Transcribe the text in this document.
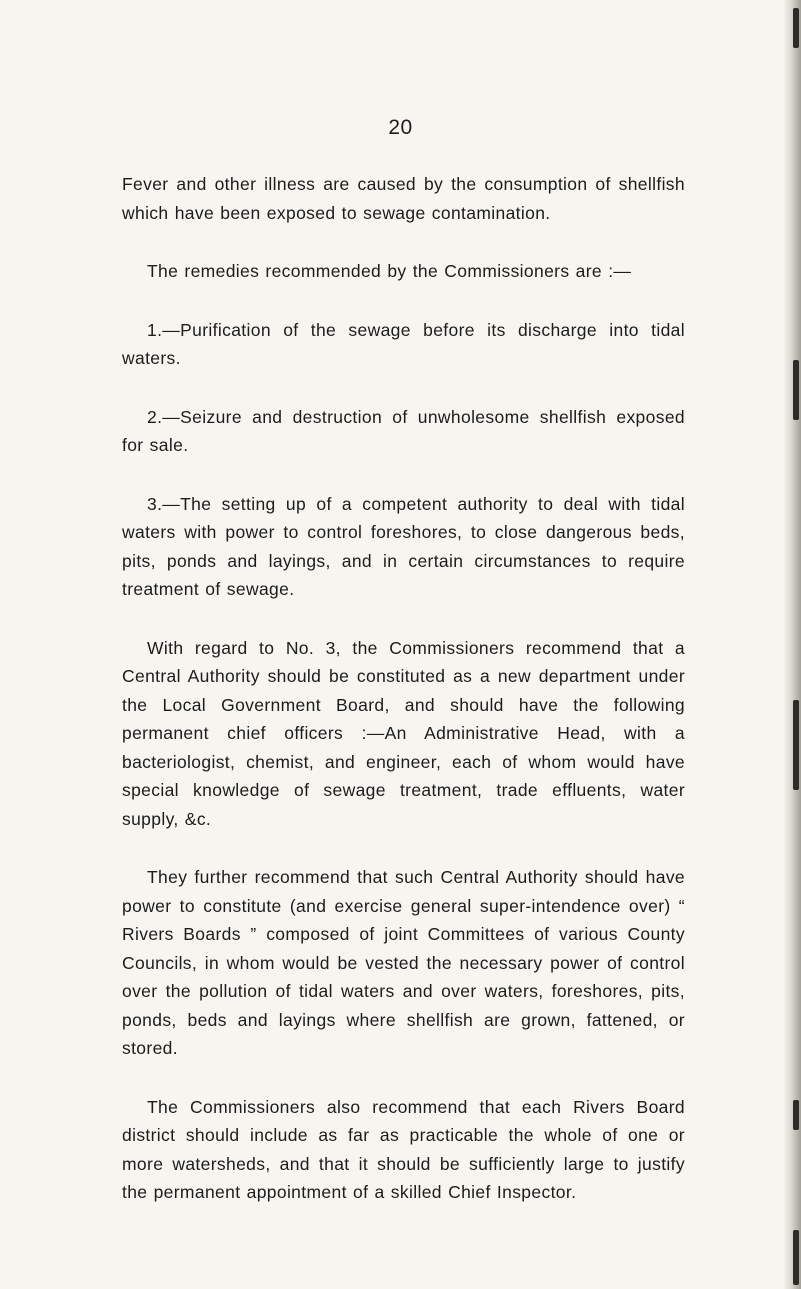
20

Fever and other illness are caused by the consumption of shellfish which have been exposed to sewage contamination.

The remedies recommended by the Commissioners are :—

1.—Purification of the sewage before its discharge into tidal waters.

2.—Seizure and destruction of unwholesome shellfish exposed for sale.

3.—The setting up of a competent authority to deal with tidal waters with power to control foreshores, to close dangerous beds, pits, ponds and layings, and in certain circumstances to require treatment of sewage.

With regard to No. 3, the Commissioners recommend that a Central Authority should be constituted as a new department under the Local Government Board, and should have the following permanent chief officers :—An Administrative Head, with a bacteriologist, chemist, and engineer, each of whom would have special knowledge of sewage treatment, trade effluents, water supply, &c.

They further recommend that such Central Authority should have power to constitute (and exercise general super-intendence over) “ Rivers Boards ” composed of joint Committees of various County Councils, in whom would be vested the necessary power of control over the pollution of tidal waters and over waters, foreshores, pits, ponds, beds and layings where shellfish are grown, fattened, or stored.

The Commissioners also recommend that each Rivers Board district should include as far as practicable the whole of one or more watersheds, and that it should be sufficiently large to justify the permanent appointment of a skilled Chief Inspector.
